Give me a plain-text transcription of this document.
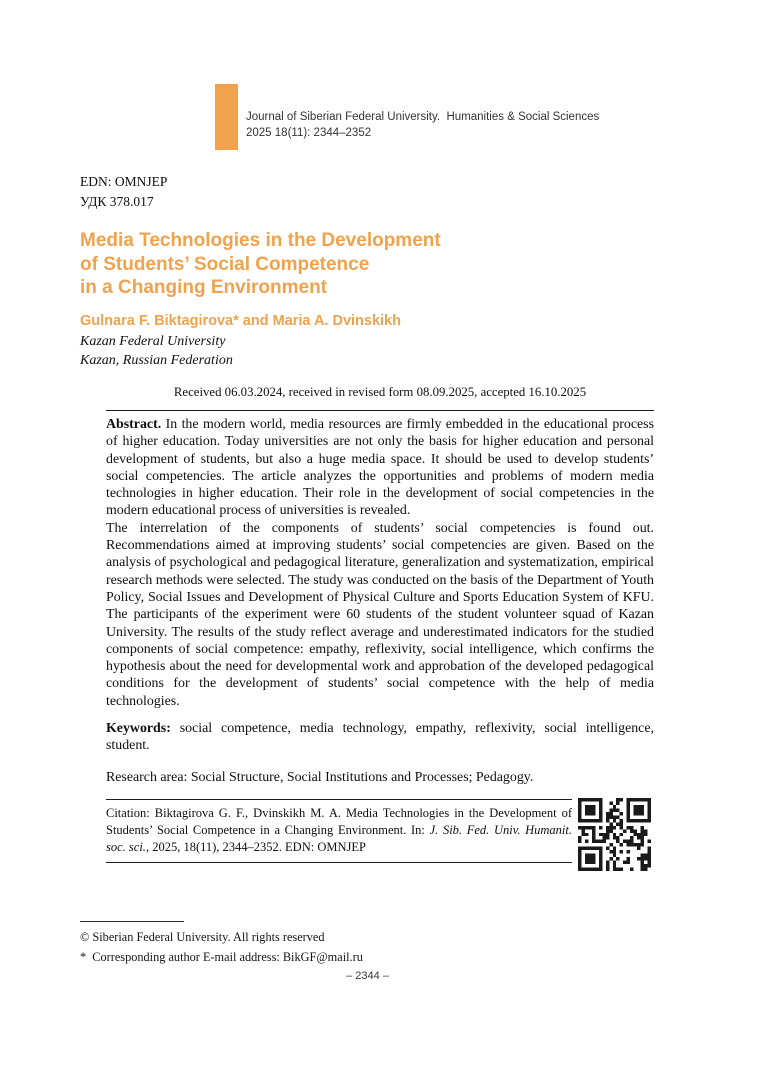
Journal of Siberian Federal University.  Humanities & Social Sciences
2025 18(11): 2344–2352
EDN: OMNJEP
УДК 378.017
Media Technologies in the Development
of Students’ Social Competence
in a Changing Environment
Gulnara F. Biktagirova* and Maria A. Dvinskikh
Kazan Federal University
Kazan, Russian Federation
Received 06.03.2024, received in revised form 08.09.2025, accepted 16.10.2025

Abstract. In the modern world, media resources are firmly embedded in the educational process of higher education. Today universities are not only the basis for higher education and personal development of students, but also a huge media space. It should be used to develop students’ social competencies. The article analyzes the opportunities and problems of modern media technologies in higher education. Their role in the development of social competencies in the modern educational process of universities is revealed.

The interrelation of the components of students’ social competencies is found out. Recommendations aimed at improving students’ social competencies are given. Based on the analysis of psychological and pedagogical literature, generalization and systematization, empirical research methods were selected. The study was conducted on the basis of the Department of Youth Policy, Social Issues and Development of Physical Culture and Sports Education System of KFU. The participants of the experiment were 60 students of the student volunteer squad of Kazan University. The results of the study reflect average and underestimated indicators for the studied components of social competence: empathy, reflexivity, social intelligence, which confirms the hypothesis about the need for developmental work and approbation of the developed pedagogical conditions for the development of students’ social competence with the help of media technologies.

Keywords: social competence, media technology, empathy, reflexivity, social intelligence, student.

Research area: Social Structure, Social Institutions and Processes; Pedagogy.

Citation: Biktagirova G. F., Dvinskikh M. A. Media Technologies in the Development of Students’ Social Competence in a Changing Environment. In: J. Sib. Fed. Univ. Humanit. soc. sci., 2025, 18(11), 2344–2352. EDN: OMNJEP
© Siberian Federal University. All rights reserved
*  Corresponding author E-mail address: BikGF@mail.ru
– 2344 –
